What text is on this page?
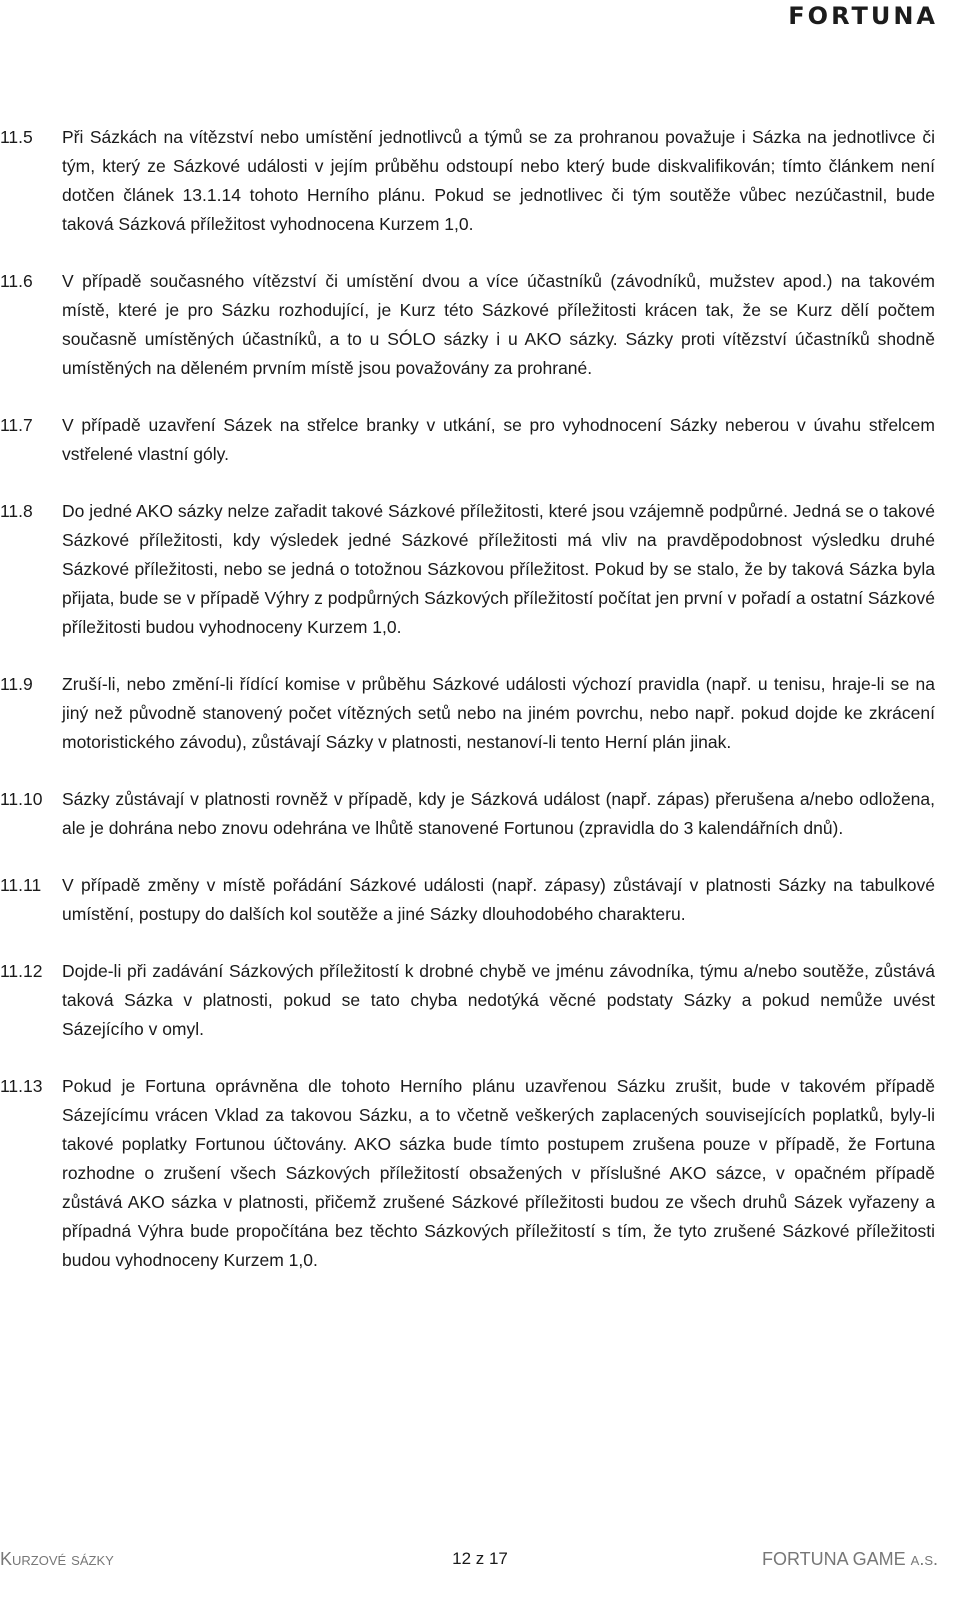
FORTUNA
11.5	Při Sázkách na vítězství nebo umístění jednotlivců a týmů se za prohranou považuje i Sázka na jednotlivce či tým, který ze Sázkové události v jejím průběhu odstoupí nebo který bude diskvalifikován; tímto článkem není dotčen článek 13.1.14 tohoto Herního plánu. Pokud se jednotlivec či tým soutěže vůbec nezúčastnil, bude taková Sázková příležitost vyhodnocena Kurzem 1,0.
11.6	V případě současného vítězství či umístění dvou a více účastníků (závodníků, mužstev apod.) na takovém místě, které je pro Sázku rozhodující, je Kurz této Sázkové příležitosti krácen tak, že se Kurz dělí počtem současně umístěných účastníků, a to u SÓLO sázky i u AKO sázky. Sázky proti vítězství účastníků shodně umístěných na děleném prvním místě jsou považovány za prohrané.
11.7	V případě uzavření Sázek na střelce branky v utkání, se pro vyhodnocení Sázky neberou v úvahu střelcem vstřelené vlastní góly.
11.8	Do jedné AKO sázky nelze zařadit takové Sázkové příležitosti, které jsou vzájemně podpůrné. Jedná se o takové Sázkové příležitosti, kdy výsledek jedné Sázkové příležitosti má vliv na pravděpodobnost výsledku druhé Sázkové příležitosti, nebo se jedná o totožnou Sázkovou příležitost. Pokud by se stalo, že by taková Sázka byla přijata, bude se v případě Výhry z podpůrných Sázkových příležitostí počítat jen první v pořadí a ostatní Sázkové příležitosti budou vyhodnoceny Kurzem 1,0.
11.9	Zruší-li, nebo změní-li řídící komise v průběhu Sázkové události výchozí pravidla (např. u tenisu, hraje-li se na jiný než původně stanovený počet vítězných setů nebo na jiném povrchu, nebo např. pokud dojde ke zkrácení motoristického závodu), zůstávají Sázky v platnosti, nestanoví-li tento Herní plán jinak.
11.10	Sázky zůstávají v platnosti rovněž v případě, kdy je Sázková událost (např. zápas) přerušena a/nebo odložena, ale je dohrána nebo znovu odehrána ve lhůtě stanovené Fortunou (zpravidla do 3 kalendářních dnů).
11.11	V případě změny v místě pořádání Sázkové události (např. zápasy) zůstávají v platnosti Sázky na tabulkové umístění, postupy do dalších kol soutěže a jiné Sázky dlouhodobého charakteru.
11.12	Dojde-li při zadávání Sázkových příležitostí k drobné chybě ve jménu závodníka, týmu a/nebo soutěže, zůstává taková Sázka v platnosti, pokud se tato chyba nedotýká věcné podstaty Sázky a pokud nemůže uvést Sázejícího v omyl.
11.13	Pokud je Fortuna oprávněna dle tohoto Herního plánu uzavřenou Sázku zrušit, bude v takovém případě Sázejícímu vrácen Vklad za takovou Sázku, a to včetně veškerých zaplacených souvisejících poplatků, byly-li takové poplatky Fortunou účtovány. AKO sázka bude tímto postupem zrušena pouze v případě, že Fortuna rozhodne o zrušení všech Sázkových příležitostí obsažených v příslušné AKO sázce, v opačném případě zůstává AKO sázka v platnosti, přičemž zrušené Sázkové příležitosti budou ze všech druhů Sázek vyřazeny a případná Výhra bude propočítána bez těchto Sázkových příležitostí s tím, že tyto zrušené Sázkové příležitosti budou vyhodnoceny Kurzem 1,0.
Kurzové sázky	12 z 17	FORTUNA GAME a.s.
